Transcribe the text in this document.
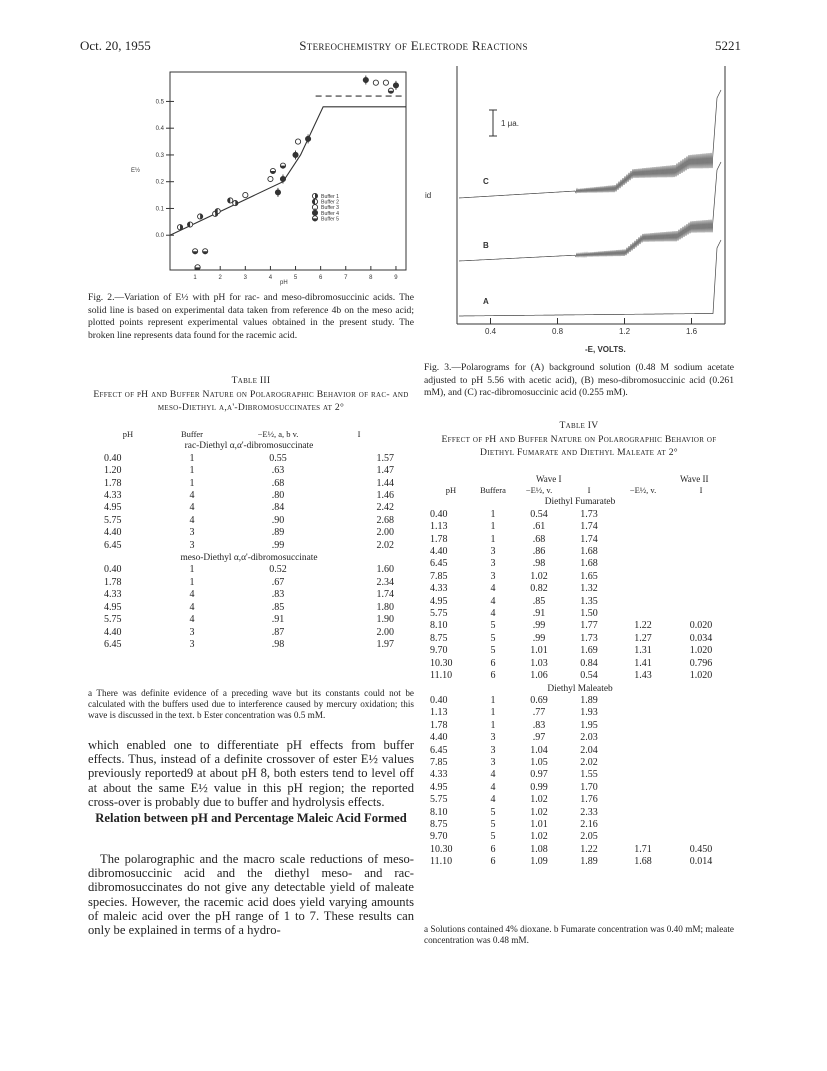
Oct. 20, 1955	Stereochemistry of Electrode Reactions	5221
0.0
0.1
0.2
0.3
0.4
0.5
1	2	3	4	5	6	7	8	9
E½
pH
Buffer 1
Buffer 2
Buffer 3
Buffer 4
Buffer 5
Fig. 2.—Variation of E½ with pH for rac- and meso-dibromosuccinic acids. The solid line is based on experimental data taken from reference 4b on the meso acid; plotted points represent experimental values obtained in the present study. The broken line represents data found for the racemic acid.
id
1 μa.
C
B
A
0.4	0.8	1.2	1.6
-E, VOLTS.
Fig. 3.—Polarograms for (A) background solution (0.48 M sodium acetate adjusted to pH 5.56 with acetic acid), (B) meso-dibromosuccinic acid (0.261 mM), and (C) rac-dibromosuccinic acid (0.255 mM).
Table III
Effect of pH and Buffer Nature on Polarographic Behavior of rac- and meso-Diethyl α,α'-Dibromosuccinates at 2°
pH	Buffer	−E½, a, b v.	I
rac-Diethyl α,α'-dibromosuccinate			
0.40	1	0.55	1.57
1.20	1	.63	1.47
1.78	1	.68	1.44
4.33	4	.80	1.46
4.95	4	.84	2.42
5.75	4	.90	2.68
4.40	3	.89	2.00
6.45	3	.99	2.02
meso-Diethyl α,α'-dibromosuccinate			
0.40	1	0.52	1.60
1.78	1	.67	2.34
4.33	4	.83	1.74
4.95	4	.85	1.80
5.75	4	.91	1.90
4.40	3	.87	2.00
6.45	3	.98	1.97
a There was definite evidence of a preceding wave but its constants could not be calculated with the buffers used due to interference caused by mercury oxidation; this wave is discussed in the text. b Ester concentration was 0.5 mM.

which enabled one to differentiate pH effects from buffer effects. Thus, instead of a definite crossover of ester E½ values previously reported9 at about pH 8, both esters tend to level off at about the same E½ value in this pH region; the reported cross-over is probably due to buffer and hydrolysis effects.

Relation between pH and Percentage Maleic Acid Formed

The polarographic and the macro scale reductions of meso-dibromosuccinic acid and the diethyl meso- and rac-dibromosuccinates do not give any detectable yield of maleate species. However, the racemic acid does yield varying amounts of maleic acid over the pH range of 1 to 7. These results can only be explained in terms of a hydro-

Table IV
Effect of pH and Buffer Nature on Polarographic Behavior of Diethyl Fumarate and Diethyl Maleate at 2°
Wave I	Wave II
pH	Buffera	−E½, v.	I	−E½, v.	I
Diethyl Fumarateb					
0.40	1	0.54	1.73		
1.13	1	.61	1.74		
1.78	1	.68	1.74		
4.40	3	.86	1.68		
6.45	3	.98	1.68		
7.85	3	1.02	1.65		
4.33	4	0.82	1.32		
4.95	4	.85	1.35		
5.75	4	.91	1.50		
8.10	5	.99	1.77	1.22	0.020
8.75	5	.99	1.73	1.27	0.034
9.70	5	1.01	1.69	1.31	1.020
10.30	6	1.03	0.84	1.41	0.796
11.10	6	1.06	0.54	1.43	1.020
Diethyl Maleateb					
0.40	1	0.69	1.89		
1.13	1	.77	1.93		
1.78	1	.83	1.95		
4.40	3	.97	2.03		
6.45	3	1.04	2.04		
7.85	3	1.05	2.02		
4.33	4	0.97	1.55		
4.95	4	0.99	1.70		
5.75	4	1.02	1.76		
8.10	5	1.02	2.33		
8.75	5	1.01	2.16		
9.70	5	1.02	2.05		
10.30	6	1.08	1.22	1.71	0.450
11.10	6	1.09	1.89	1.68	0.014
a Solutions contained 4% dioxane. b Fumarate concentration was 0.40 mM; maleate concentration was 0.48 mM.
